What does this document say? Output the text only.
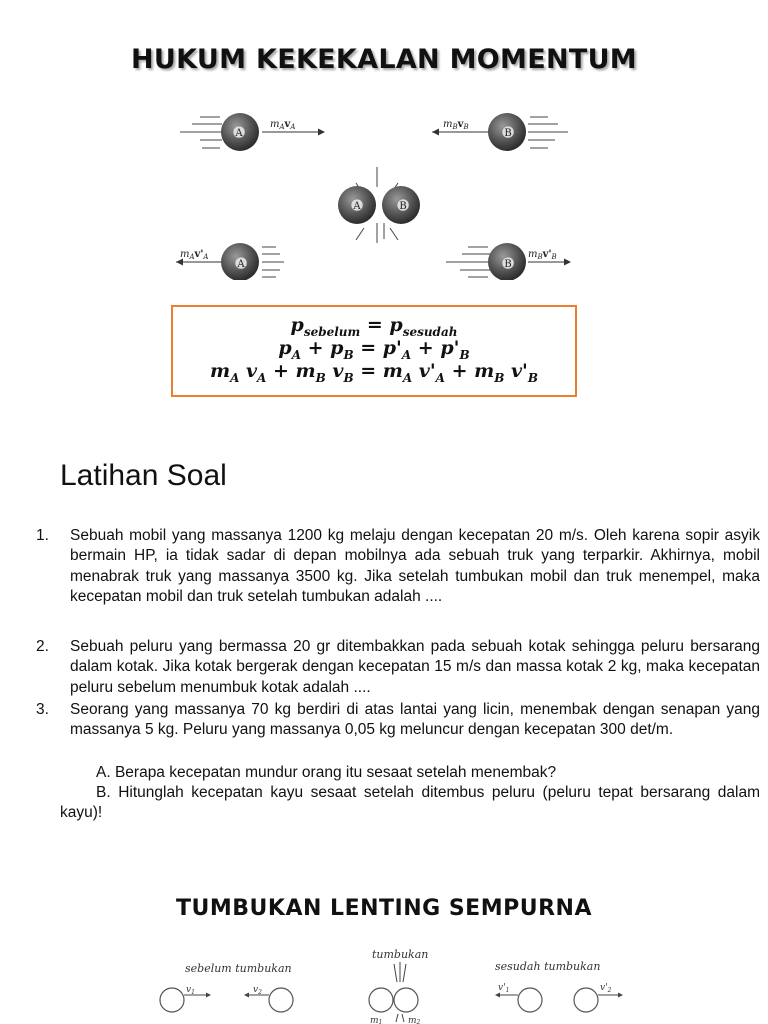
HUKUM KEKEKALAN MOMENTUM
A
$m_Av_A$	$m_Bv_B$
B
A	B
$m_Av'_A$
A	B
$m_Bv'_B$
$p_{sebelum} = p_{sesudah}$
$p_A + p_B = p'_A + p'_B$
$m_A$ $v_A + m_B$ $v_B = m_A$ $v'_A + m_B$ $v'_B$
Latihan Soal
1. Sebuah mobil yang massanya 1200 kg melaju dengan kecepatan 20 m/s. Oleh karena sopir asyik bermain HP, ia tidak sadar di depan mobilnya ada sebuah truk yang terparkir. Akhirnya, mobil menabrak truk yang massanya 3500 kg. Jika setelah tumbukan mobil dan truk menempel, maka kecepatan mobil dan truk setelah tumbukan adalah ....
2. Sebuah peluru yang bermassa 20 gr ditembakkan pada sebuah kotak sehingga peluru bersarang dalam kotak. Jika kotak bergerak dengan kecepatan 15 m/s dan massa kotak 2 kg, maka kecepatan peluru sebelum menumbuk kotak adalah ....
3. Seorang yang massanya 70 kg berdiri di atas lantai yang licin, menembak dengan senapan yang massanya 5 kg. Peluru yang massanya 0,05 kg meluncur dengan kecepatan 300 det/m.
A. Berapa kecepatan mundur orang itu sesaat setelah menembak?
B. Hitunglah kecepatan kayu sesaat setelah ditembus peluru (peluru tepat bersarang dalam kayu)!
TUMBUKAN LENTING SEMPURNA
sebelum tumbukan
tumbukan
sesudah tumbukan
$v_1$	$v_2$
m1	m2
$v'_1$	$v'_2$
